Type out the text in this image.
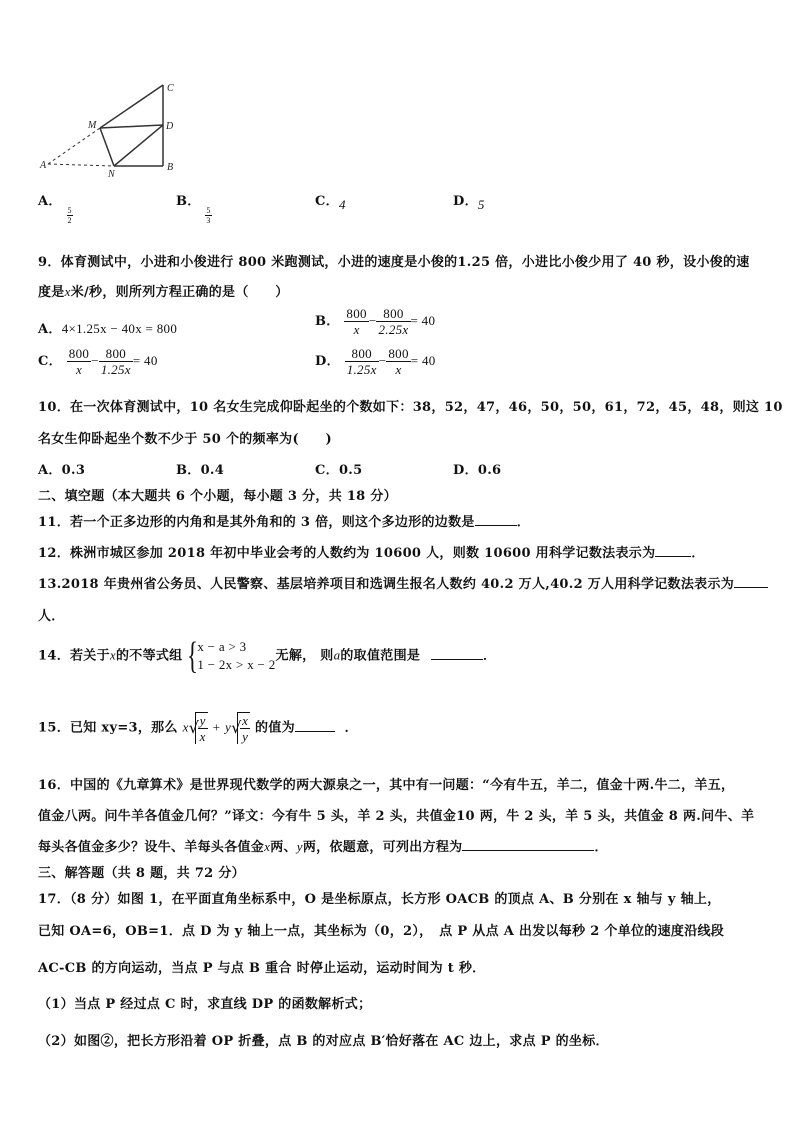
C
M	D
A
N
B
A．
$\frac{5}{2}$
B．
$\frac{5}{3}$
C．4	D．5
9．体育测试中，小进和小俊进行 800 米跑测试，小进的速度是小俊的1.25 倍，小进比小俊少用了 40 秒，设小俊的速
度是x米/秒，则所列方程正确的是（　　）
A．4×1.25x − 40x = 800	B． $\frac{800}{x} - \frac{800}{2.25x} = 40$
C． $\frac{800}{x} - \frac{800}{1.25x} = 40$	D． $\frac{800}{1.25x} - \frac{800}{x} = 40$
10．在一次体育测试中，10 名女生完成仰卧起坐的个数如下：38，52，47，46，50，50，61，72，45，48，则这 10
名女生仰卧起坐个数不少于 50 个的频率为(　　)
A．0.3	B．0.4	C．0.5	D．0.6
二、填空题（本大题共 6 个小题，每小题 3 分，共 18 分）
11．若一个正多边形的内角和是其外角和的 3 倍，则这个多边形的边数是	．
12．株洲市城区参加 2018 年初中毕业会考的人数约为 10600 人，则数 10600 用科学记数法表示为	．
13.2018 年贵州省公务员、人民警察、基层培养项目和选调生报名人数约 40.2 万人,40.2 万人用科学记数法表示为
人．
14．若关于x的不等式组 {
x − a > 3
1 − 2x > x − 2
无解， 则a的取值范围是	．
15．已知 xy=3，那么 x √
$\frac{y}{x} + y$ √
$\frac{x}{y}$ 的值为	．
16．中国的《九章算术》是世界现代数学的两大源泉之一，其中有一问题：“今有牛五，羊二，值金十两.牛二，羊五，
值金八两。问牛羊各值金几何？”译文：今有牛 5 头，羊 2 头，共值金10 两，牛 2 头，羊 5 头，共值金 8 两.问牛、羊
每头各值金多少？设牛、羊每头各值金x两、y两，依题意，可列出方程为	．
三、解答题（共 8 题，共 72 分）
17．（8 分）如图 1，在平面直角坐标系中，O 是坐标原点，长方形 OACB 的顶点 A、B 分别在 x 轴与 y 轴上，
已知 OA=6，OB=1．点 D 为 y 轴上一点，其坐标为（0，2），　点 P 从点 A 出发以每秒 2 个单位的速度沿线段
AC-CB 的方向运动，当点 P 与点 B 重合 时停止运动，运动时间为 t 秒．
（1）当点 P 经过点 C 时，求直线 DP 的函数解析式；
（2）如图②，把长方形沿着 OP 折叠，点 B 的对应点 B′恰好落在 AC 边上，求点 P 的坐标．
